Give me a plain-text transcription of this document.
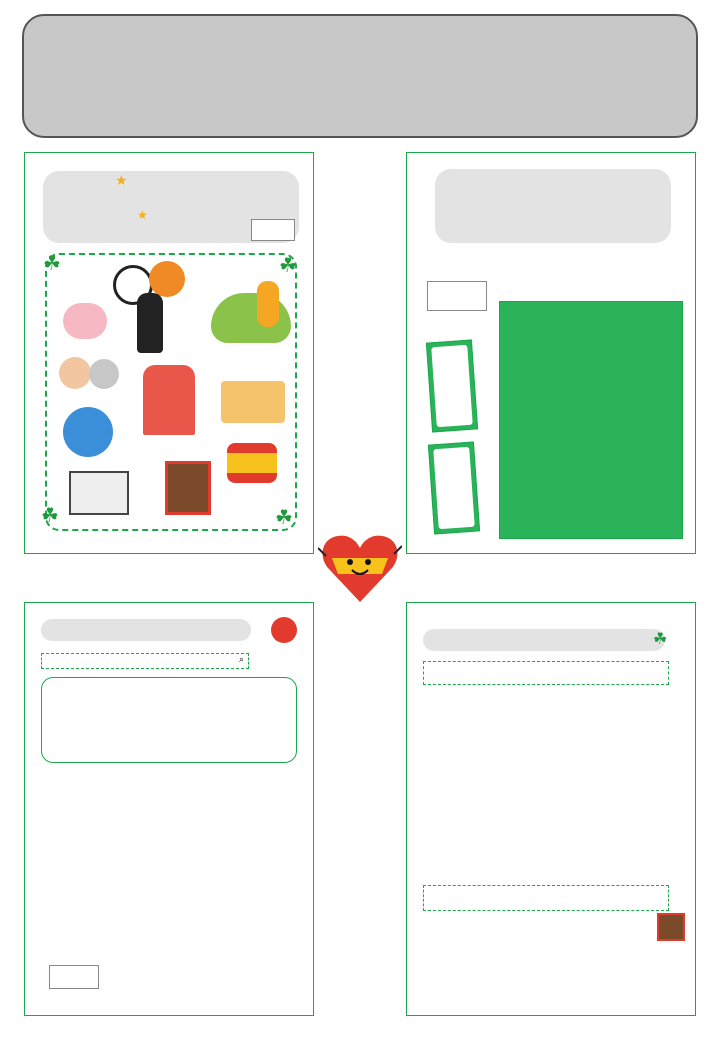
★
★
☘	☘
☘	☘
⌕
☘
